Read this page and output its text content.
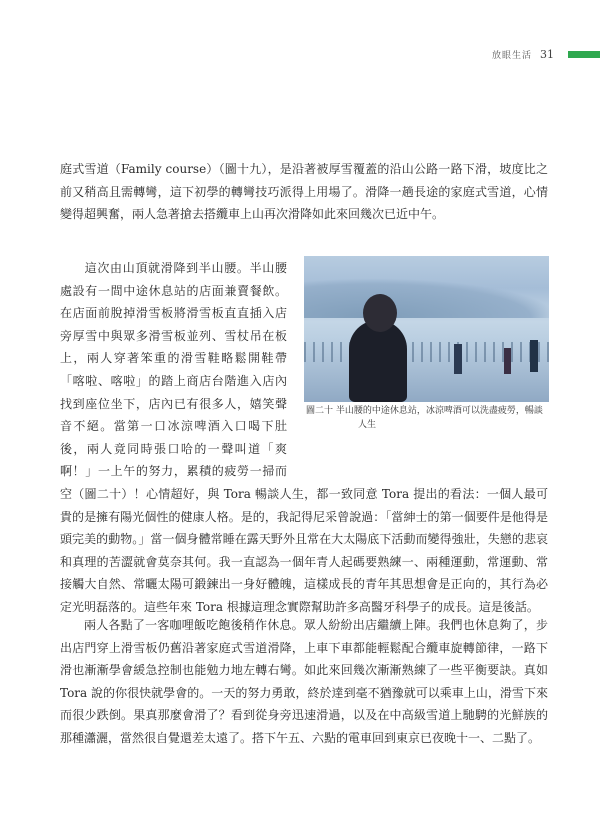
放眼生活 31

庭式雪道（Family course）（圖十九），是沿著被厚雪覆蓋的沿山公路一路下滑，坡度比之前又稍高且需轉彎，這下初學的轉彎技巧派得上用場了。滑降一趟長途的家庭式雪道，心情變得超興奮，兩人急著搶去搭纜車上山再次滑降如此來回幾次已近中午。

這次由山頂就滑降到半山腰。半山腰處設有一間中途休息站的店面兼賣餐飲。在店面前脫掉滑雪板將滑雪板直直插入店旁厚雪中與眾多滑雪板並列、雪杖吊在板上，兩人穿著笨重的滑雪鞋略鬆開鞋帶「喀啦、喀啦」的踏上商店台階進入店內找到座位坐下，店內已有很多人，嬉笑聲音不絕。當第一口冰涼啤酒入口喝下肚後，兩人竟同時張口哈的一聲叫道「爽啊！」一上午的努力，累積的疲勞一掃而空（圖二十）！心情超好，與 Tora 暢談人生，都一致同意 Tora 提出的看法：一個人最可貴的是擁有陽光個性的健康人格。是的，我記得尼采曾說過：「當紳士的第一個要件是他得是頭完美的動物。」當一個身體常睡在露天野外且常在大太陽底下活動而變得強壯，失戀的悲哀和真理的苦澀就會莫奈其何。我一直認為一個年青人起碼要熟練一、兩種運動，常運動、常接觸大自然、常曬太陽可鍛鍊出一身好體魄，這樣成長的青年其思想會是正向的，其行為必定光明磊落的。這些年來 Tora 根據這理念實際幫助許多高醫牙科學子的成長。這是後話。
圖二十 半山腰的中途休息站，冰涼啤酒可以洗盡疲勞，暢談人生

兩人各點了一客咖哩飯吃飽後稍作休息。眾人紛紛出店繼續上陣。我們也休息夠了，步出店門穿上滑雪板仍舊沿著家庭式雪道滑降，上車下車都能輕鬆配合纜車旋轉節律，一路下滑也漸漸學會緩急控制也能勉力地左轉右彎。如此來回幾次漸漸熟練了一些平衡要訣。真如 Tora 說的你很快就學會的。一天的努力勇敢，終於達到毫不猶豫就可以乘車上山，滑雪下來而很少跌倒。果真那麼會滑了？看到從身旁迅速滑過，以及在中高級雪道上馳騁的光鮮族的那種瀟灑，當然很自覺還差太遠了。搭下午五、六點的電車回到東京已夜晚十一、二點了。
